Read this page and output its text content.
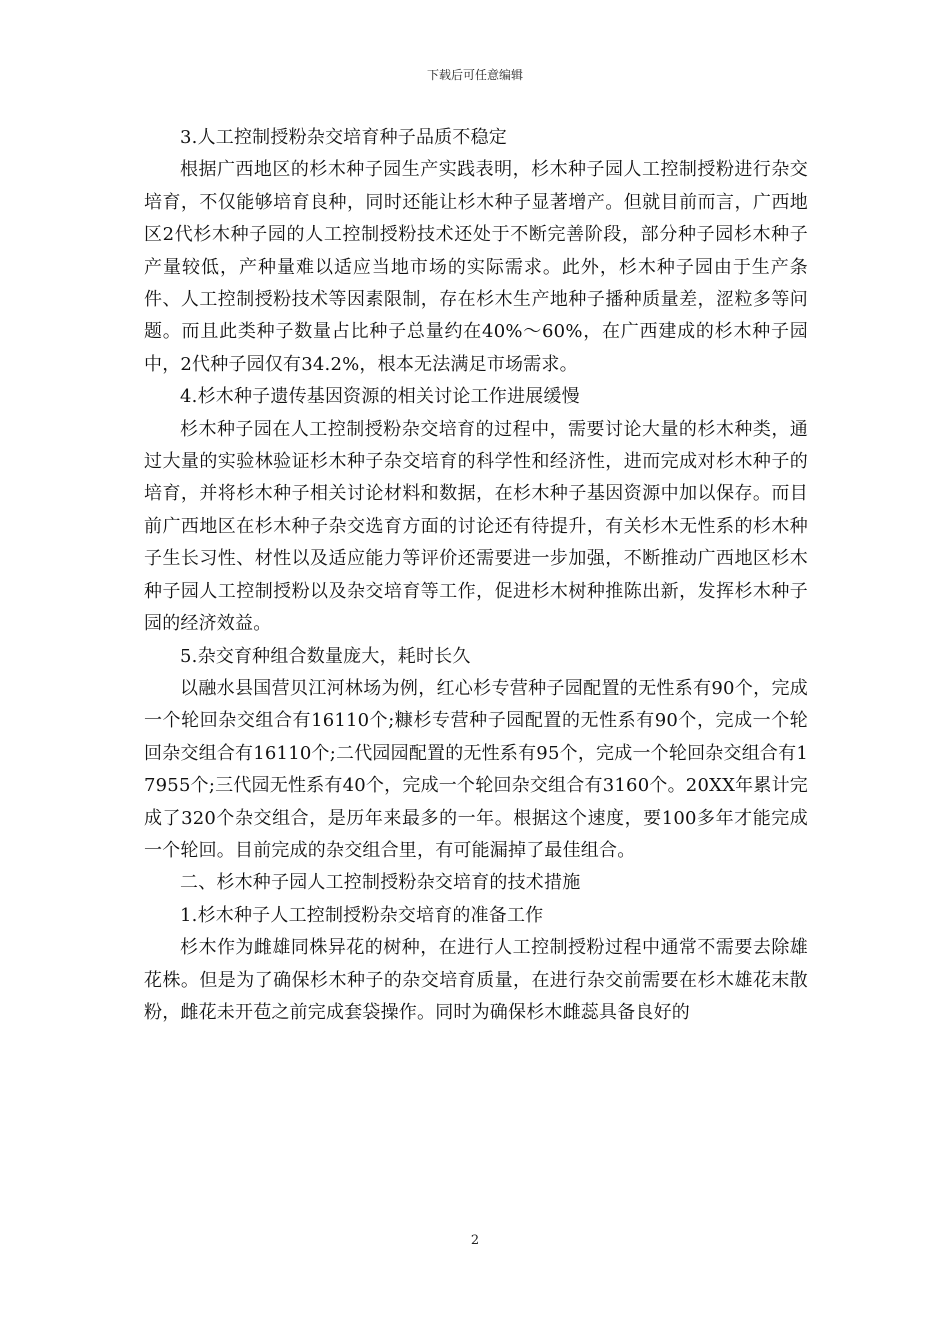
下载后可任意编辑

3.人工控制授粉杂交培育种子品质不稳定

根据广西地区的杉木种子园生产实践表明，杉木种子园人工控制授粉进行杂交培育，不仅能够培育良种，同时还能让杉木种子显著增产。但就目前而言，广西地区2代杉木种子园的人工控制授粉技术还处于不断完善阶段，部分种子园杉木种子产量较低，产种量难以适应当地市场的实际需求。此外，杉木种子园由于生产条件、人工控制授粉技术等因素限制，存在杉木生产地种子播种质量差，涩粒多等问题。而且此类种子数量占比种子总量约在40%～60%，在广西建成的杉木种子园中，2代种子园仅有34.2%，根本无法满足市场需求。

4.杉木种子遗传基因资源的相关讨论工作进展缓慢

杉木种子园在人工控制授粉杂交培育的过程中，需要讨论大量的杉木种类，通过大量的实验林验证杉木种子杂交培育的科学性和经济性，进而完成对杉木种子的培育，并将杉木种子相关讨论材料和数据，在杉木种子基因资源中加以保存。而目前广西地区在杉木种子杂交选育方面的讨论还有待提升，有关杉木无性系的杉木种子生长习性、材性以及适应能力等评价还需要进一步加强，不断推动广西地区杉木种子园人工控制授粉以及杂交培育等工作，促进杉木树种推陈出新，发挥杉木种子园的经济效益。

5.杂交育种组合数量庞大，耗时长久

以融水县国营贝江河林场为例，红心杉专营种子园配置的无性系有90个，完成一个轮回杂交组合有16110个;糠杉专营种子园配置的无性系有90个，完成一个轮回杂交组合有16110个;二代园园配置的无性系有95个，完成一个轮回杂交组合有17955个;三代园无性系有40个，完成一个轮回杂交组合有3160个。20XX年累计完成了320个杂交组合，是历年来最多的一年。根据这个速度，要100多年才能完成一个轮回。目前完成的杂交组合里，有可能漏掉了最佳组合。

二、杉木种子园人工控制授粉杂交培育的技术措施

1.杉木种子人工控制授粉杂交培育的准备工作

杉木作为雌雄同株异花的树种，在进行人工控制授粉过程中通常不需要去除雄花株。但是为了确保杉木种子的杂交培育质量，在进行杂交前需要在杉木雄花末散粉，雌花未开苞之前完成套袋操作。同时为确保杉木雌蕊具备良好的

2
